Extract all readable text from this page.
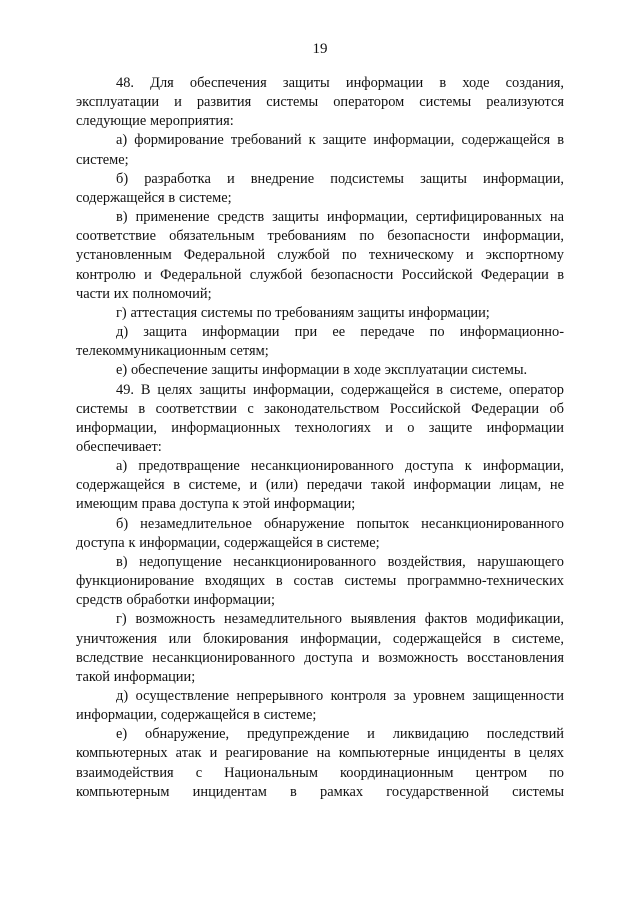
19

48. Для обеспечения защиты информации в ходе создания, эксплуатации и развития системы оператором системы реализуются следующие мероприятия:

а) формирование требований к защите информации, содержащейся в системе;

б) разработка и внедрение подсистемы защиты информации, содержащейся в системе;

в) применение средств защиты информации, сертифицированных на соответствие обязательным требованиям по безопасности информации, установленным Федеральной службой по техническому и экспортному контролю и Федеральной службой безопасности Российской Федерации в части их полномочий;

г) аттестация системы по требованиям защиты информации;

д) защита информации при ее передаче по информационно-телекоммуникационным сетям;

е) обеспечение защиты информации в ходе эксплуатации системы.

49. В целях защиты информации, содержащейся в системе, оператор системы в соответствии с законодательством Российской Федерации об информации, информационных технологиях и о защите информации обеспечивает:

а) предотвращение несанкционированного доступа к информации, содержащейся в системе, и (или) передачи такой информации лицам, не имеющим права доступа к этой информации;

б) незамедлительное обнаружение попыток несанкционированного доступа к информации, содержащейся в системе;

в) недопущение несанкционированного воздействия, нарушающего функционирование входящих в состав системы программно-технических средств обработки информации;

г) возможность незамедлительного выявления фактов модификации, уничтожения или блокирования информации, содержащейся в системе, вследствие несанкционированного доступа и возможность восстановления такой информации;

д) осуществление непрерывного контроля за уровнем защищенности информации, содержащейся в системе;

е) обнаружение, предупреждение и ликвидацию последствий компьютерных атак и реагирование на компьютерные инциденты в целях взаимодействия с Национальным координационным центром по компьютерным инцидентам в рамках государственной системы
